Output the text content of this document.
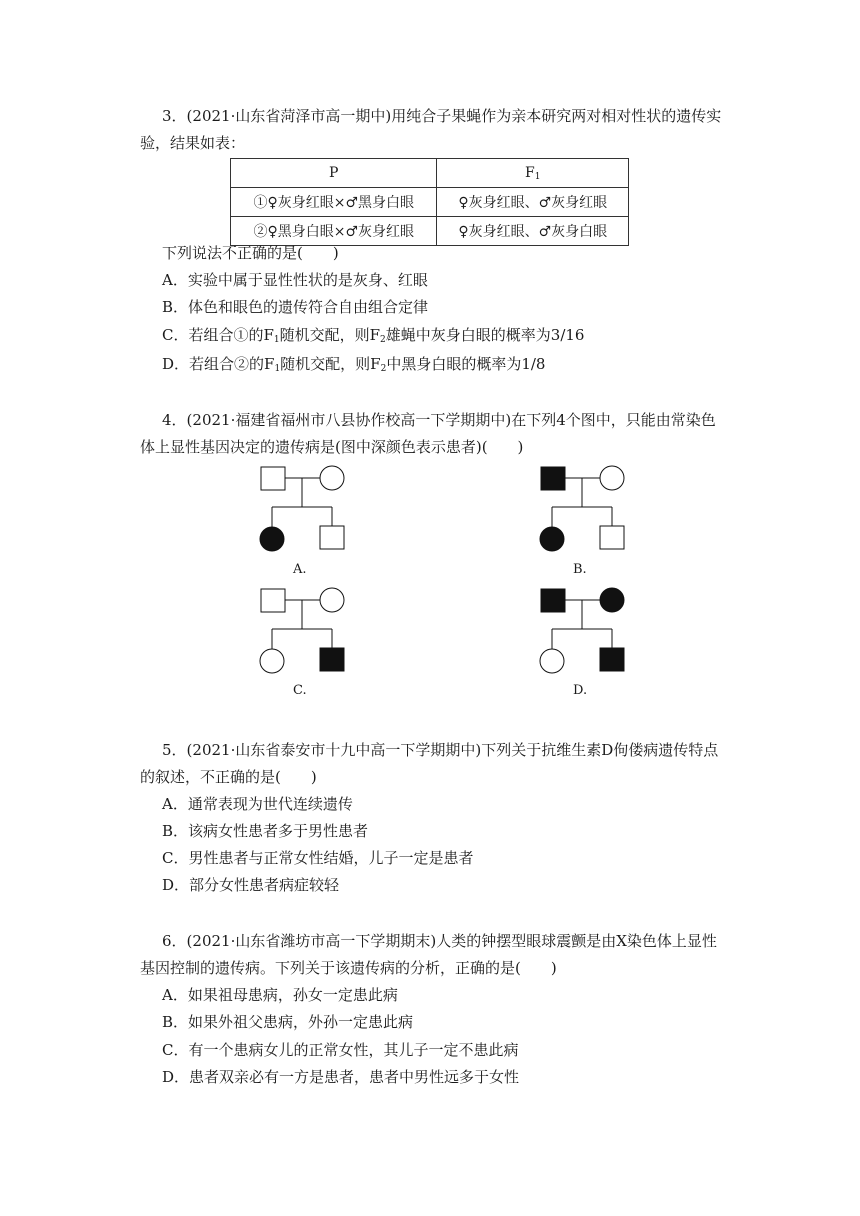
3．(2021·山东省菏泽市高一期中)用纯合子果蝇作为亲本研究两对相对性状的遗传实
验，结果如表：
P	$F_1$
①♀灰身红眼×♂黑身白眼	♀灰身红眼、♂灰身红眼
②♀黑身白眼×♂灰身红眼	♀灰身红眼、♂灰身白眼
下列说法不正确的是(　　)
A．实验中属于显性性状的是灰身、红眼
B．体色和眼色的遗传符合自由组合定律
C．若组合①的$F_1$随机交配，则$F_2$雄蝇中灰身白眼的概率为3/16
D．若组合②的$F_1$随机交配，则$F_2$中黑身白眼的概率为1/8
4．(2021·福建省福州市八县协作校高一下学期期中)在下列4个图中，只能由常染色
体上显性基因决定的遗传病是(图中深颜色表示患者)(　　)
A.	B.
C.	D.
5．(2021·山东省泰安市十九中高一下学期期中)下列关于抗维生素D佝偻病遗传特点
的叙述，不正确的是(　　)
A．通常表现为世代连续遗传
B．该病女性患者多于男性患者
C．男性患者与正常女性结婚，儿子一定是患者
D．部分女性患者病症较轻
6．(2021·山东省潍坊市高一下学期期末)人类的钟摆型眼球震颤是由X染色体上显性
基因控制的遗传病。下列关于该遗传病的分析，正确的是(　　)
A．如果祖母患病，孙女一定患此病
B．如果外祖父患病，外孙一定患此病
C．有一个患病女儿的正常女性，其儿子一定不患此病
D．患者双亲必有一方是患者，患者中男性远多于女性
